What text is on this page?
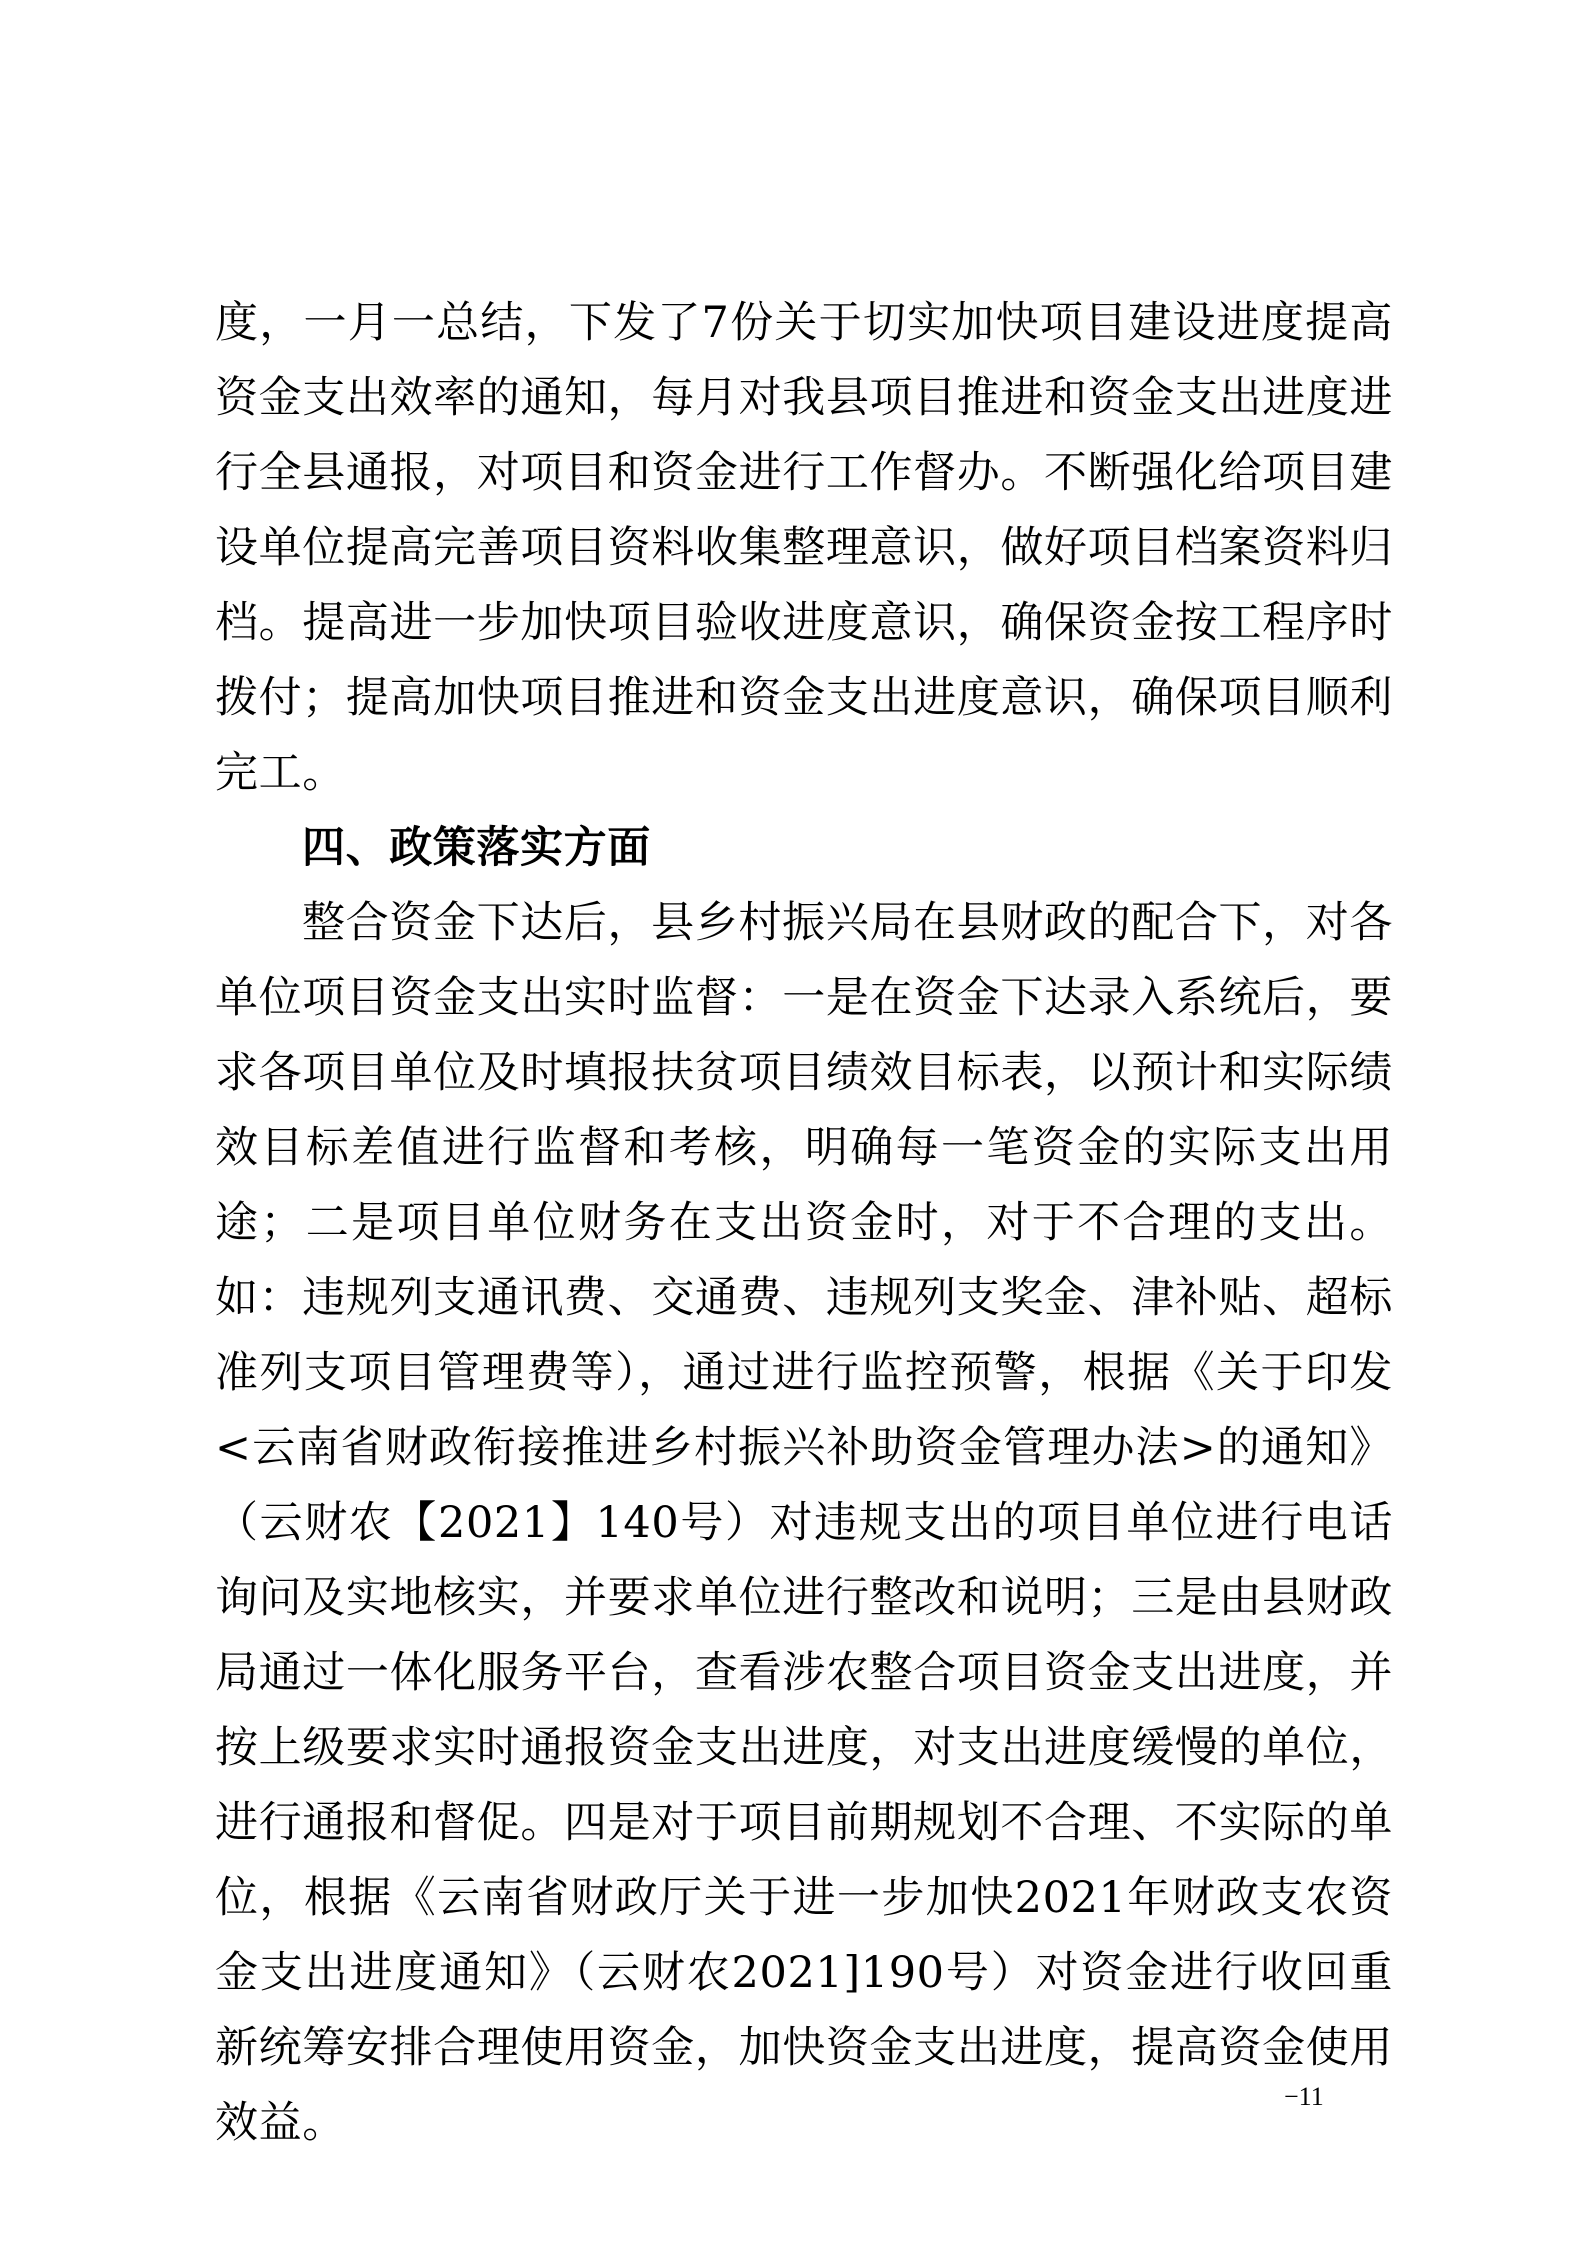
度，一月一总结，下发了7份关于切实加快项目建设进度提高资金支出效率的通知，每月对我县项目推进和资金支出进度进行全县通报，对项目和资金进行工作督办。不断强化给项目建设单位提高完善项目资料收集整理意识，做好项目档案资料归档。提高进一步加快项目验收进度意识，确保资金按工程序时拨付；提高加快项目推进和资金支出进度意识，确保项目顺利完工。

四、政策落实方面

整合资金下达后，县乡村振兴局在县财政的配合下，对各单位项目资金支出实时监督：一是在资金下达录入系统后，要求各项目单位及时填报扶贫项目绩效目标表，以预计和实际绩效目标差值进行监督和考核，明确每一笔资金的实际支出用途；二是项目单位财务在支出资金时，对于不合理的支出。如：违规列支通讯费、交通费、违规列支奖金、津补贴、超标准列支项目管理费等），通过进行监控预警，根据《关于印发<云南省财政衔接推进乡村振兴补助资金管理办法>的通知》（云财农【2021】140号）对违规支出的项目单位进行电话询问及实地核实，并要求单位进行整改和说明；三是由县财政局通过一体化服务平台，查看涉农整合项目资金支出进度，并按上级要求实时通报资金支出进度，对支出进度缓慢的单位，进行通报和督促。四是对于项目前期规划不合理、不实际的单位，根据《云南省财政厅关于进一步加快2021年财政支农资金支出进度通知》（云财农2021]190号）对资金进行收回重新统筹安排合理使用资金，加快资金支出进度，提高资金使用效益。

−11
